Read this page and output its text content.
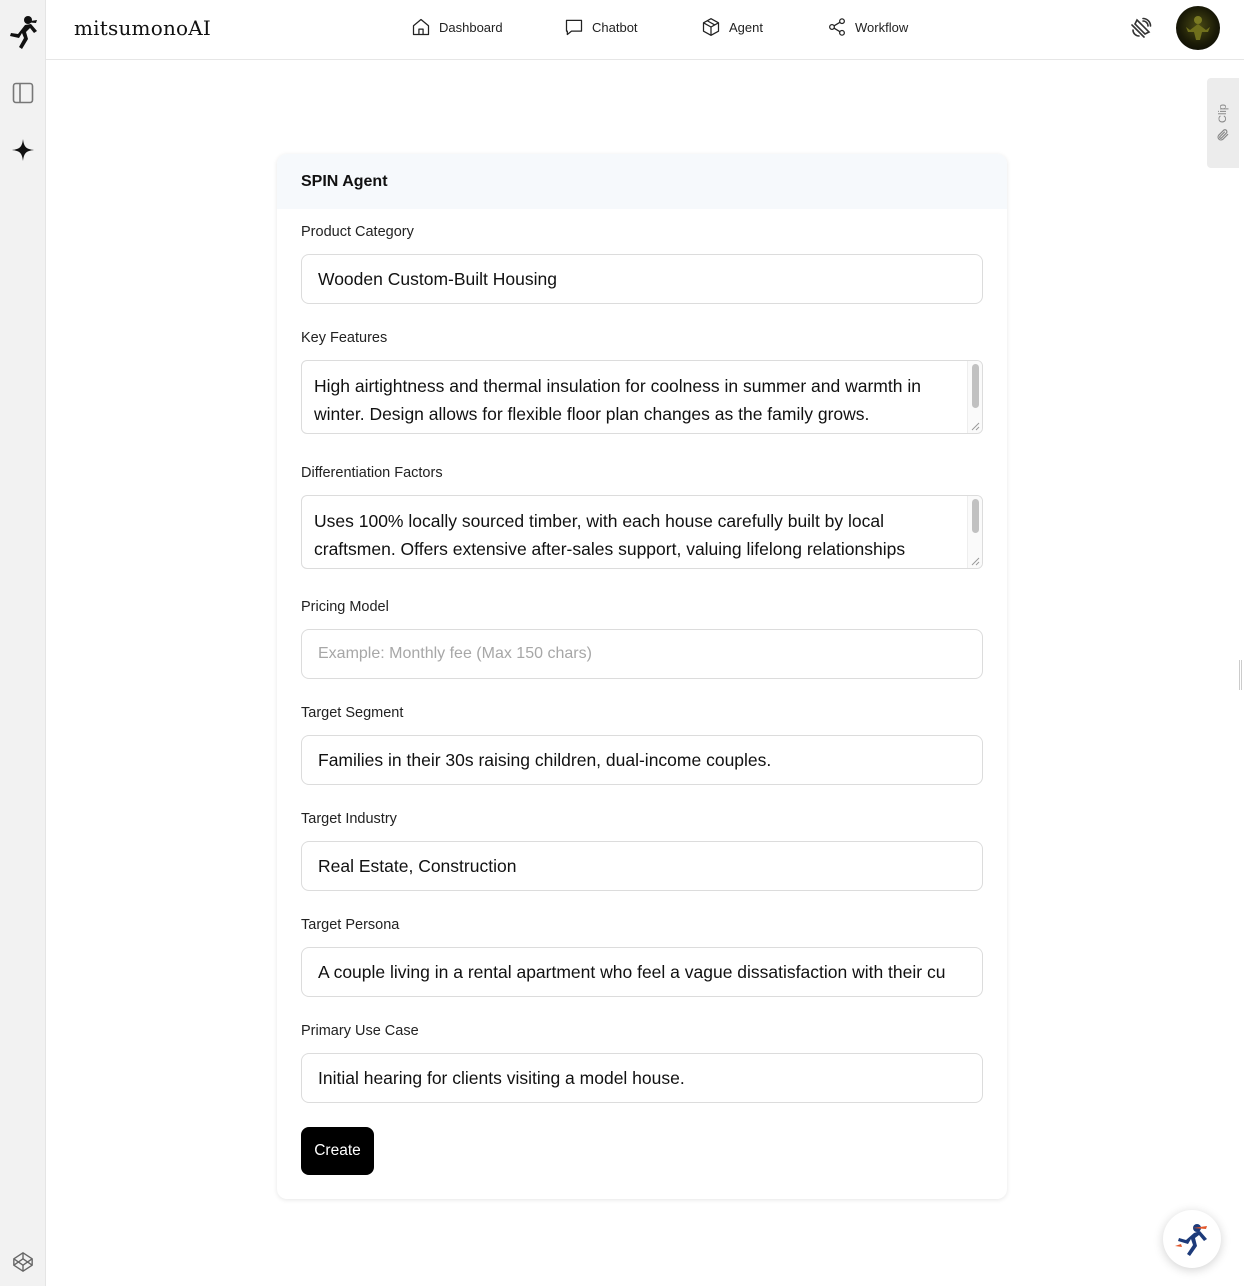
mitsumonoAI	Dashboard	Chatbot	Agent	Workflow
Clip
SPIN Agent
Product Category
Wooden Custom-Built Housing
Key Features
High airtightness and thermal insulation for coolness in summer and warmth in winter. Design allows for flexible floor plan changes as the family grows.
Differentiation Factors
Uses 100% locally sourced timber, with each house carefully built by local craftsmen. Offers extensive after-sales support, valuing lifelong relationships
Pricing Model
Example: Monthly fee (Max 150 chars)
Target Segment
Families in their 30s raising children, dual-income couples.
Target Industry
Real Estate, Construction
Target Persona
A couple living in a rental apartment who feel a vague dissatisfaction with their cu
Primary Use Case
Initial hearing for clients visiting a model house.
Create
